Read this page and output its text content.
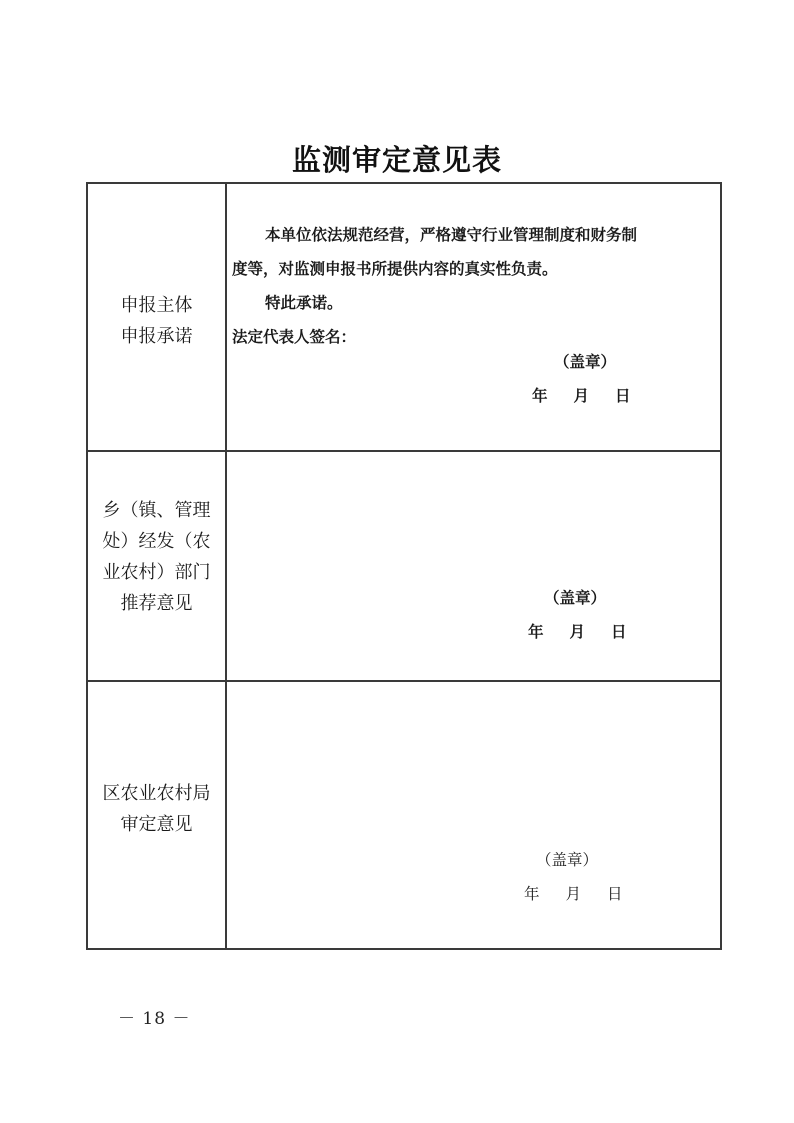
监测审定意见表
申报主体
申报承诺

本单位依法规范经营，严格遵守行业管理制度和财务制

度等，对监测申报书所提供内容的真实性负责。

特此承诺。

法定代表人签名：

（盖章）
年 月 日
乡（镇、管理
处）经发（农
业农村）部门
推荐意见	（盖章）
年 月 日
区农业农村局
审定意见
（盖章）
年 月 日
－ 18 －
